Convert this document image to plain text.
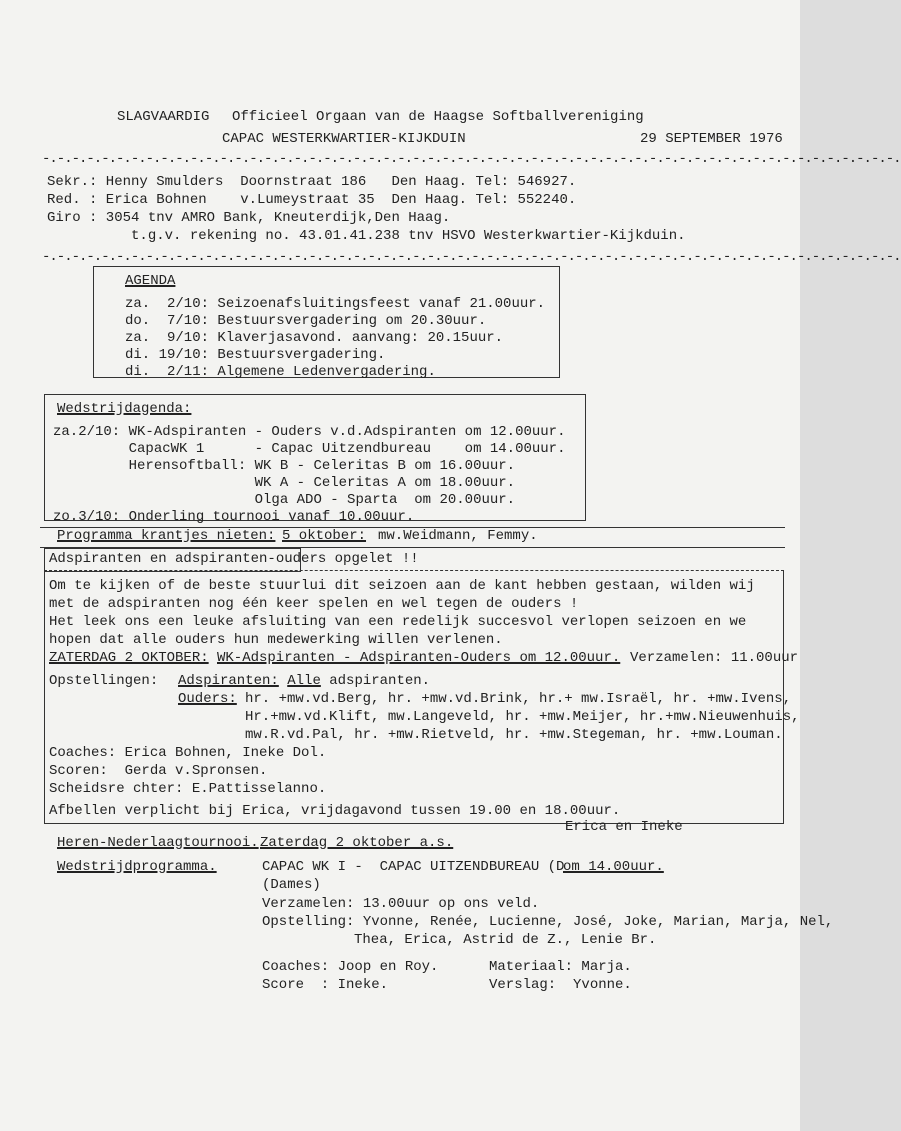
SLAGVAARDIG Officieel Orgaan van de Haagse Softballvereniging
CAPAC WESTERKWARTIER-KIJKDUIN	29 SEPTEMBER 1976
-.-.-.-.-.-.-.-.-.-.-.-.-.-.-.-.-.-.-.-.-.-.-.-.-.-.-.-.-.-.-.-.-.-.-.-.-.-.-.-.-.-.-.-.-.-.-.-.-.-.-.-.-.-.-.-.-.-.
Sekr.: Henny Smulders  Doornstraat 186   Den Haag. Tel: 546927.
Red. : Erica Bohnen    v.Lumeystraat 35  Den Haag. Tel: 552240.
Giro : 3054 tnv AMRO Bank, Kneuterdijk,Den Haag.
t.g.v. rekening no. 43.01.41.238 tnv HSVO Westerkwartier-Kijkduin.
-.-.-.-.-.-.-.-.-.-.-.-.-.-.-.-.-.-.-.-.-.-.-.-.-.-.-.-.-.-.-.-.-.-.-.-.-.-.-.-.-.-.-.-.-.-.-.-.-.-.-.-.-.-.-.-.-.-.
AGENDA
za.  2/10: Seizoenafsluitingsfeest vanaf 21.00uur.
do.  7/10: Bestuursvergadering om 20.30uur.
za.  9/10: Klaverjasavond. aanvang: 20.15uur.
di. 19/10: Bestuursvergadering.
di.  2/11: Algemene Ledenvergadering.
Wedstrijdagenda:
za.2/10: WK-Adspiranten - Ouders v.d.Adspiranten om 12.00uur.
CapacWK 1      - Capac Uitzendbureau    om 14.00uur.
Herensoftball: WK B - Celeritas B om 16.00uur.
WK A - Celeritas A om 18.00uur.
Olga ADO - Sparta  om 20.00uur.
zo.3/10: Onderling tournooi vanaf 10.00uur.
Programma krantjes nieten: 5 oktober: mw.Weidmann, Femmy.
Adspiranten en adspiranten-ouders opgelet !!
Om te kijken of de beste stuurlui dit seizoen aan de kant hebben gestaan, wilden wij
met de adspiranten nog één keer spelen en wel tegen de ouders !
Het leek ons een leuke afsluiting van een redelijk succesvol verlopen seizoen en we
hopen dat alle ouders hun medewerking willen verlenen.
ZATERDAG 2 OKTOBER: WK-Adspiranten - Adspiranten-Ouders om 12.00uur. Verzamelen: 11.00uur
Opstellingen: Adspiranten: Alle adspiranten.
Ouders: hr. +mw.vd.Berg, hr. +mw.vd.Brink, hr.+ mw.Israël, hr. +mw.Ivens,
Hr.+mw.vd.Klift, mw.Langeveld, hr. +mw.Meijer, hr.+mw.Nieuwenhuis,
mw.R.vd.Pal, hr. +mw.Rietveld, hr. +mw.Stegeman, hr. +mw.Louman.
Coaches: Erica Bohnen, Ineke Dol.
Scoren:  Gerda v.Spronsen.
Scheidsre chter: E.Pattisselanno.
Afbellen verplicht bij Erica, vrijdagavond tussen 19.00 en 18.00uur.
Erica en Ineke
Heren-Nederlaagtournooi. Zaterdag 2 oktober a.s.
Wedstrijdprogramma.	CAPAC WK I -  CAPAC UITZENDBUREAU (D
om 14.00uur.
(Dames)
Verzamelen: 13.00uur op ons veld.
Opstelling: Yvonne, Renée, Lucienne, José, Joke, Marian, Marja, Nel,
Thea, Erica, Astrid de Z., Lenie Br.
Coaches: Joop en Roy.	Materiaal: Marja.
Score  : Ineke.	Verslag:  Yvonne.
